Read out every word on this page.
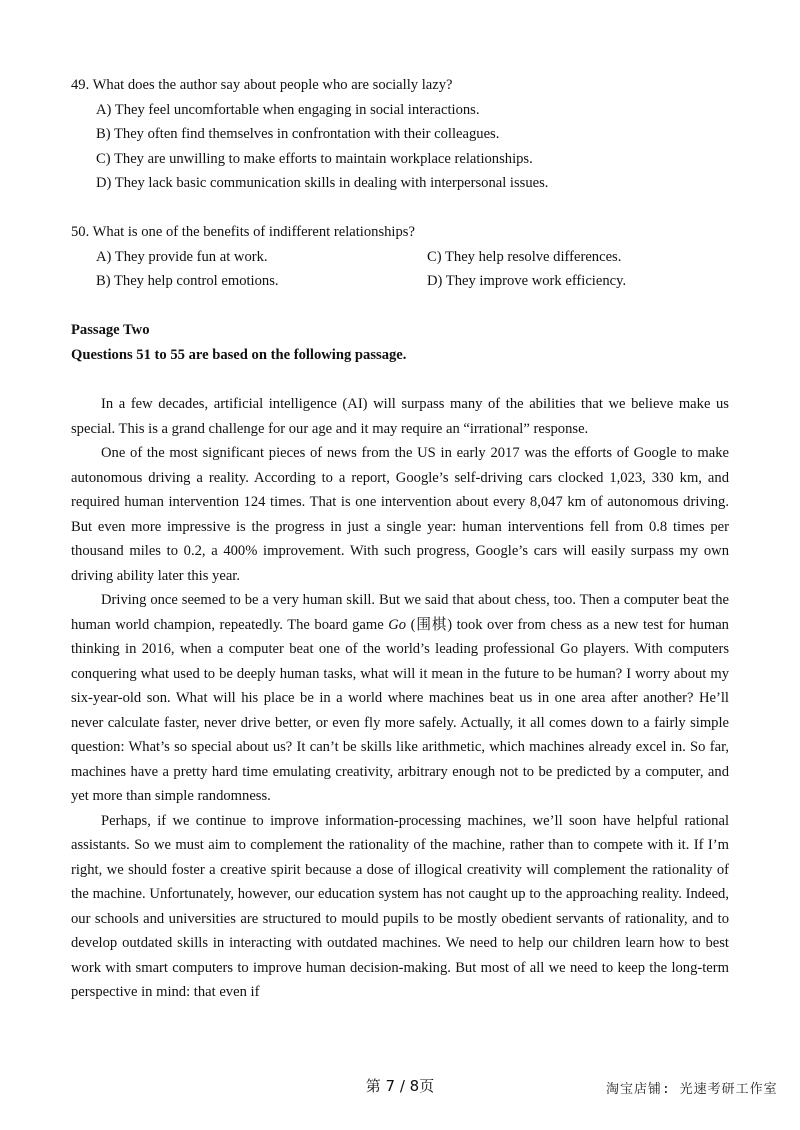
49. What does the author say about people who are socially lazy?
A) They feel uncomfortable when engaging in social interactions.
B) They often find themselves in confrontation with their colleagues.
C) They are unwilling to make efforts to maintain workplace relationships.
D) They lack basic communication skills in dealing with interpersonal issues.
50. What is one of the benefits of indifferent relationships?
A) They provide fun at work.
B) They help control emotions.
C) They help resolve differences.
D) They improve work efficiency.
Passage Two
Questions 51 to 55 are based on the following passage.

In a few decades, artificial intelligence (AI) will surpass many of the abilities that we believe make us special. This is a grand challenge for our age and it may require an “irrational” response.

One of the most significant pieces of news from the US in early 2017 was the efforts of Google to make autonomous driving a reality. According to a report, Google’s self-driving cars clocked 1,023, 330 km, and required human intervention 124 times. That is one intervention about every 8,047 km of autonomous driving. But even more impressive is the progress in just a single year: human interventions fell from 0.8 times per thousand miles to 0.2, a 400% improvement. With such progress, Google’s cars will easily surpass my own driving ability later this year.

Driving once seemed to be a very human skill. But we said that about chess, too. Then a computer beat the human world champion, repeatedly. The board game Go (围棋) took over from chess as a new test for human thinking in 2016, when a computer beat one of the world’s leading professional Go players. With computers conquering what used to be deeply human tasks, what will it mean in the future to be human? I worry about my six-year-old son. What will his place be in a world where machines beat us in one area after another? He’ll never calculate faster, never drive better, or even fly more safely. Actually, it all comes down to a fairly simple question: What’s so special about us? It can’t be skills like arithmetic, which machines already excel in. So far, machines have a pretty hard time emulating creativity, arbitrary enough not to be predicted by a computer, and yet more than simple randomness.

Perhaps, if we continue to improve information-processing machines, we’ll soon have helpful rational assistants. So we must aim to complement the rationality of the machine, rather than to compete with it. If I’m right, we should foster a creative spirit because a dose of illogical creativity will complement the rationality of the machine. Unfortunately, however, our education system has not caught up to the approaching reality. Indeed, our schools and universities are structured to mould pupils to be mostly obedient servants of rationality, and to develop outdated skills in interacting with outdated machines. We need to help our children learn how to best work with smart computers to improve human decision-making. But most of all we need to keep the long-term perspective in mind: that even if

第 7 / 8页	淘宝店铺: 光速考研工作室
